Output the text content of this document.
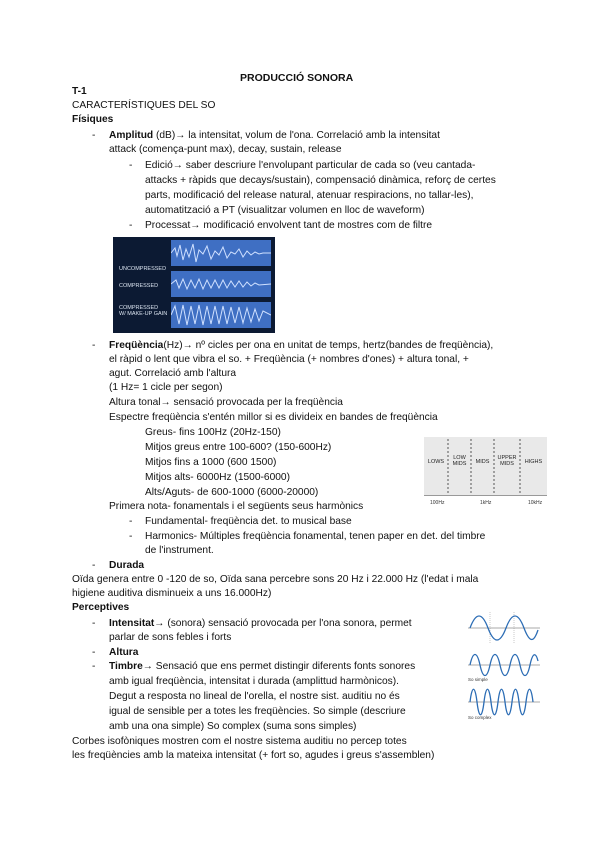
PRODUCCIÓ SONORA
T-1
CARACTERÍSTIQUES DEL SO
Físiques
- Amplitud (dB)→ la intensitat, volum de l'ona. Correlació amb la intensitat
attack (comença-punt max), decay, sustain, release
- Edició→ saber descriure l'envolupant particular de cada so (veu cantada-
attacks + ràpids que decays/sustain), compensació dinàmica, reforç de certes
parts, modificació del release natural, atenuar respiracions, no tallar-les),
automatització a PT (visualitzar volumen en lloc de waveform)
- Processat→ modificació envolvent tant de mostres com de filtre
UNCOMPRESSED
COMPRESSED
COMPRESSED
W/ MAKE-UP GAIN
- Freqüència(Hz)→ nº cicles per ona en unitat de temps, hertz(bandes de freqüència),
el ràpid o lent que vibra el so. + Freqüència (+ nombres d'ones) + altura tonal, +
agut. Correlació amb l'altura
(1 Hz= 1 cicle per segon)
Altura tonal→ sensació provocada per la freqüència
Espectre freqüència s'entén millor si es divideix en bandes de freqüència
Greus- fins 100Hz (20Hz-150)
Mitjos greus entre 100-600? (150-600Hz)
Mitjos fins a 1000 (600 1500)
Mitjos alts- 6000Hz (1500-6000)
Alts/Aguts- de 600-1000 (6000-20000)
LOWS
LOW MIDS	MIDS
UPPER MIDS	HIGHS
100Hz	1kHz	10kHz
Primera nota- fonamentals i el següents seus harmònics
- Fundamental- freqüència det. to musical base
- Harmonics- Múltiples freqüència fonamental, tenen paper en det. del timbre
de l'instrument.
- Durada
Oïda genera entre 0 -120 de so, Oïda sana percebre sons 20 Hz i 22.000 Hz (l'edat i mala
higiene auditiva disminueix a uns 16.000Hz)
Perceptives
- Intensitat→ (sonora) sensació provocada per l'ona sonora, permet
parlar de sons febles i forts
- Altura
- Timbre→ Sensació que ens permet distingir diferents fonts sonores
amb igual freqüència, intensitat i durada (amplittud harmònicos).
Degut a resposta no lineal de l'orella, el nostre sist. auditiu no és
igual de sensible per a totes les freqüències. So simple (descriure
amb una ona simple) So complex (suma sons simples)
Corbes isofòniques mostren com el nostre sistema auditiu no percep totes
les freqüències amb la mateixa intensitat (+ fort so, agudes i greus s'assemblen)
So simple
So complex
